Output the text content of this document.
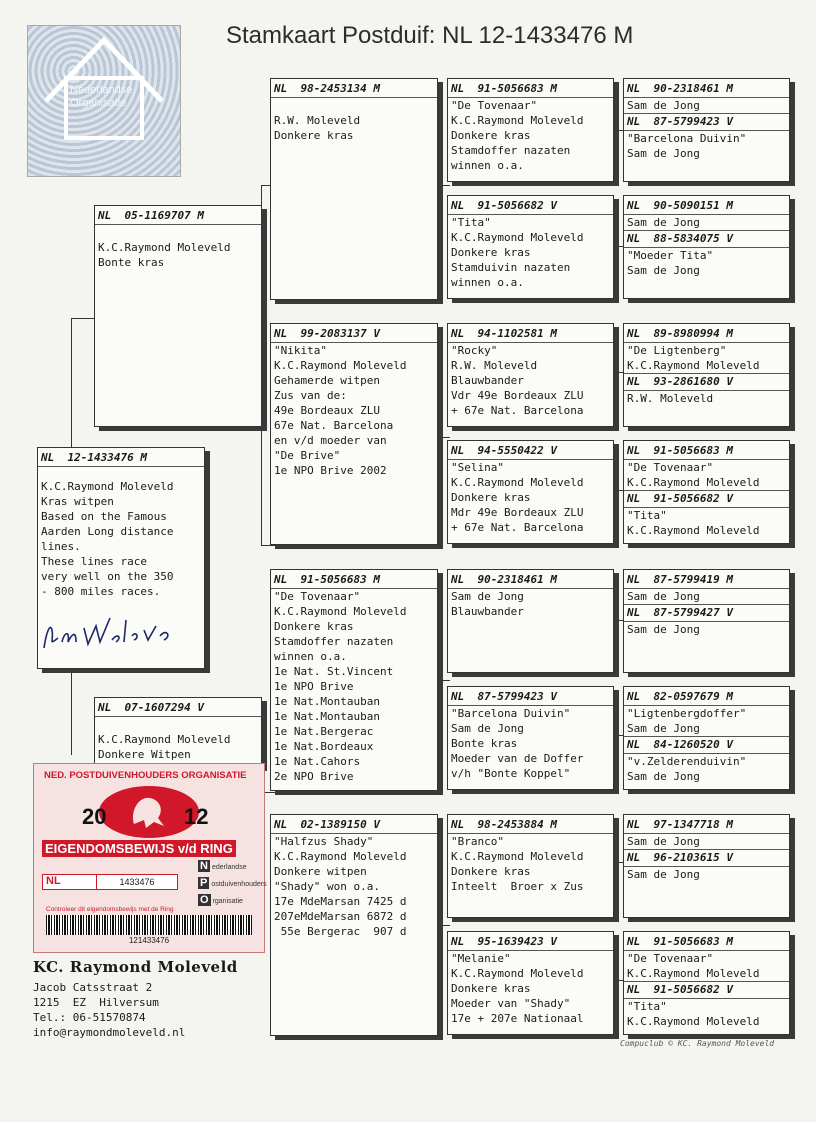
Stamkaart Postduif: NL 12-1433476 M
Nederlandse
Organisatie
NL  12-1433476 M
K.C.Raymond Moleveld
Kras witpen
Based on the Famous
Aarden Long distance
lines.
These lines race
very well on the 350
- 800 miles races.
NL  05-1169707 M
K.C.Raymond Moleveld
Bonte kras
NL  07-1607294 V
K.C.Raymond Moleveld
Donkere Witpen
NL  98-2453134 M
R.W. Moleveld
Donkere kras
NL  99-2083137 V
"Nikita"
K.C.Raymond Moleveld
Gehamerde witpen
Zus van de:
49e Bordeaux ZLU
67e Nat. Barcelona
en v/d moeder van
"De Brive"
1e NPO Brive 2002
NL  91-5056683 M
"De Tovenaar"
K.C.Raymond Moleveld
Donkere kras
Stamdoffer nazaten
winnen o.a.
1e Nat. St.Vincent
1e NPO Brive
1e Nat.Montauban
1e Nat.Montauban
1e Nat.Bergerac
1e Nat.Bordeaux
1e Nat.Cahors
2e NPO Brive
NL  02-1389150 V
"Halfzus Shady"
K.C.Raymond Moleveld
Donkere witpen
"Shady" won o.a.
17e MdeMarsan 7425 d
207eMdeMarsan 6872 d
55e Bergerac  907 d
NL  91-5056683 M
"De Tovenaar"
K.C.Raymond Moleveld
Donkere kras
Stamdoffer nazaten
winnen o.a.
NL  91-5056682 V
"Tita"
K.C.Raymond Moleveld
Donkere kras
Stamduivin nazaten
winnen o.a.
NL  94-1102581 M
"Rocky"
R.W. Moleveld
Blauwbander
Vdr 49e Bordeaux ZLU
+ 67e Nat. Barcelona
NL  94-5550422 V
"Selina"
K.C.Raymond Moleveld
Donkere kras
Mdr 49e Bordeaux ZLU
+ 67e Nat. Barcelona
NL  90-2318461 M
Sam de Jong
Blauwbander
NL  87-5799423 V
"Barcelona Duivin"
Sam de Jong
Bonte kras
Moeder van de Doffer
v/h "Bonte Koppel"
NL  98-2453884 M
"Branco"
K.C.Raymond Moleveld
Donkere kras
Inteelt  Broer x Zus
NL  95-1639423 V
"Melanie"
K.C.Raymond Moleveld
Donkere kras
Moeder van "Shady"
17e + 207e Nationaal
NL  90-2318461 M
Sam de Jong
NL  87-5799423 V
"Barcelona Duivin"
Sam de Jong
NL  90-5090151 M
Sam de Jong
NL  88-5834075 V
"Moeder Tita"
Sam de Jong
NL  89-8980994 M
"De Ligtenberg"
K.C.Raymond Moleveld
NL  93-2861680 V
R.W. Moleveld
NL  91-5056683 M
"De Tovenaar"
K.C.Raymond Moleveld
NL  91-5056682 V
"Tita"
K.C.Raymond Moleveld
NL  87-5799419 M
Sam de Jong
NL  87-5799427 V
Sam de Jong
NL  82-0597679 M
"Ligtenbergdoffer"
Sam de Jong
NL  84-1260520 V
"v.Zelderenduivin"
Sam de Jong
NL  97-1347718 M
Sam de Jong
NL  96-2103615 V
Sam de Jong
NL  91-5056683 M
"De Tovenaar"
K.C.Raymond Moleveld
NL  91-5056682 V
"Tita"
K.C.Raymond Moleveld
NED. POSTDUIVENHOUDERS ORGANISATIE
20	12
EIGENDOMSBEWIJS v/d RING
NL	1433476
N ederlandse
P ostduivenhouders
O rganisatie
Controleer dit eigendomsbewijs met de Ring
121433476
KC. Raymond Moleveld
Jacob Catsstraat 2
1215  EZ  Hilversum
Tel.: 06-51570874
info@raymondmoleveld.nl
Compuclub © KC. Raymond Moleveld
